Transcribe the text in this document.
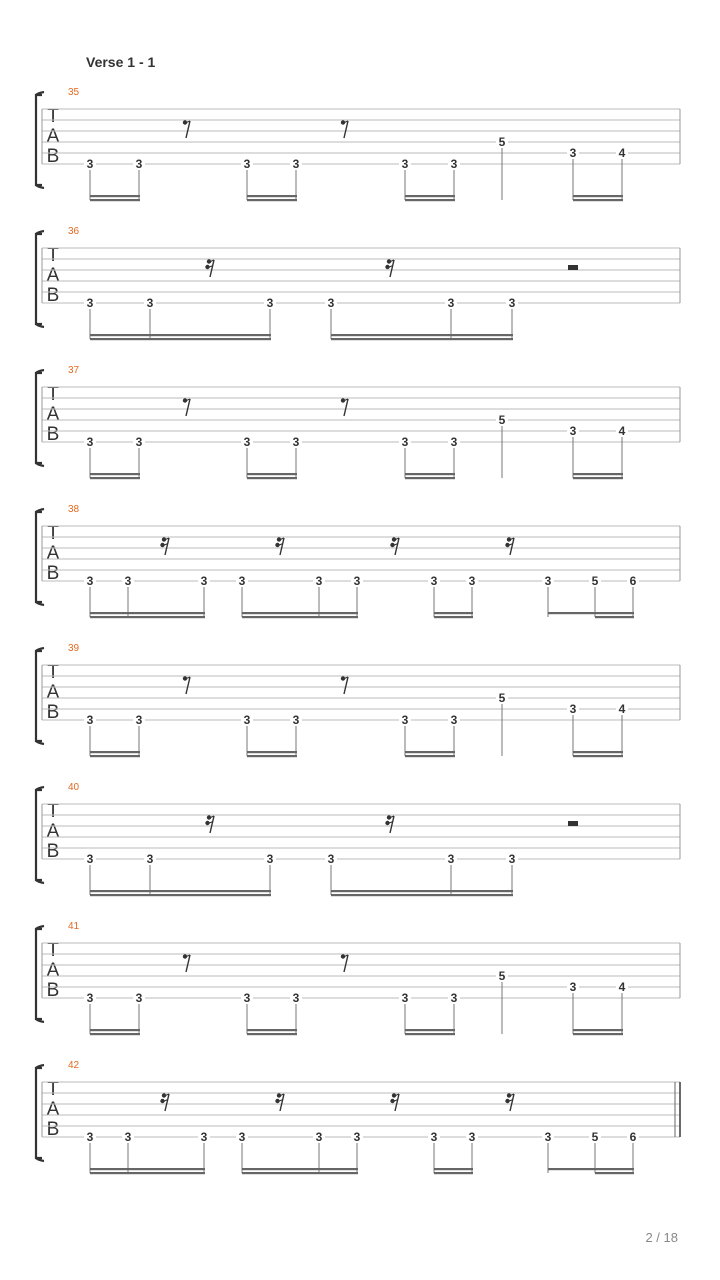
Verse 1 - 1
35
T
A
B 3	3	3	3	3	3
5
3	4
36
T
A
B 3	3	3	3	3	3
37
T
A
B 3	3	3	3	3	3
5
3	4
38
T
A
B 3	3	3	3	3	3	3	3	3	5	6
39
T
A
B 3	3	3	3	3	3
5
3	4
40
T
A
B 3	3	3	3	3	3
41
T
A
B 3	3	3	3	3	3
5
3	4
42
T
A
B 3	3	3	3	3	3	3	3	3	5	6
2 / 18
